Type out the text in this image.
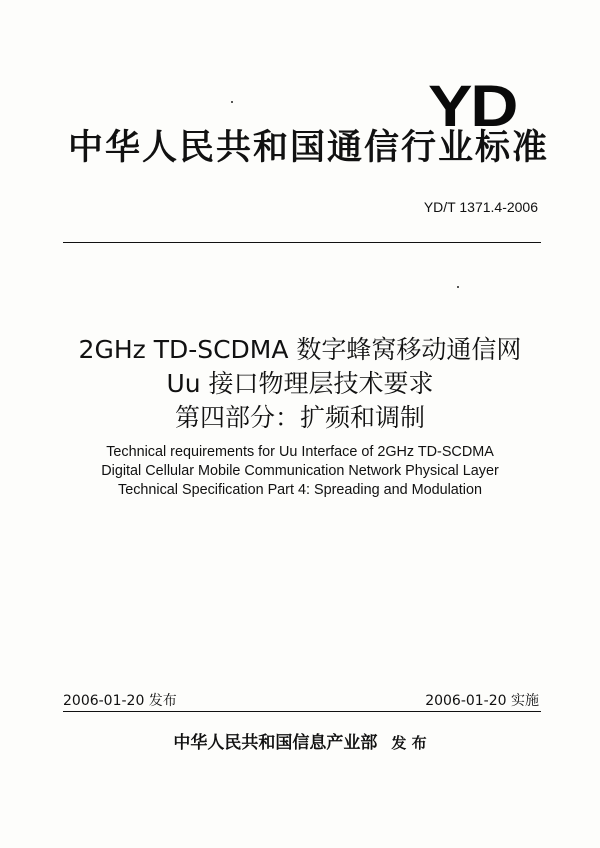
YD
中华人民共和国通信行业标准
YD/T 1371.4-2006
2GHz TD-SCDMA 数字蜂窝移动通信网
Uu 接口物理层技术要求
第四部分：扩频和调制
Technical requirements for Uu Interface of 2GHz TD-SCDMA
Digital Cellular Mobile Communication Network Physical Layer
Technical Specification Part 4: Spreading and Modulation
2006-01-20 发布	2006-01-20 实施
中华人民共和国信息产业部 发 布
